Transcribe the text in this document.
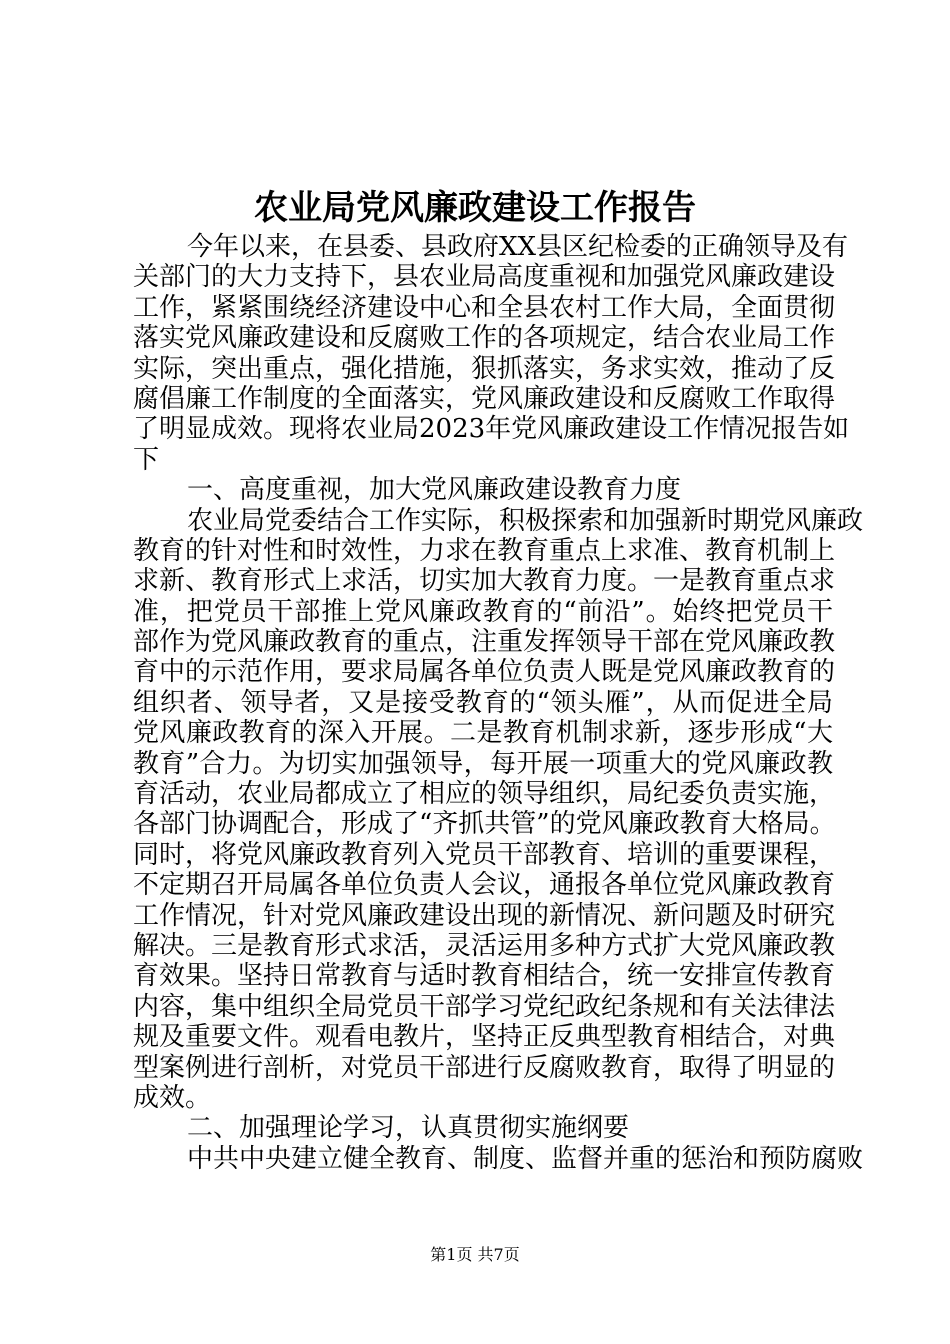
农业局党风廉政建设工作报告
今年以来，在县委、县政府XX县区纪检委的正确领导及有
关部门的大力支持下，县农业局高度重视和加强党风廉政建设
工作，紧紧围绕经济建设中心和全县农村工作大局，全面贯彻
落实党风廉政建设和反腐败工作的各项规定，结合农业局工作
实际，突出重点，强化措施，狠抓落实，务求实效，推动了反
腐倡廉工作制度的全面落实，党风廉政建设和反腐败工作取得
了明显成效。现将农业局2023年党风廉政建设工作情况报告如
下
一、高度重视，加大党风廉政建设教育力度
农业局党委结合工作实际，积极探索和加强新时期党风廉政
教育的针对性和时效性，力求在教育重点上求准、教育机制上
求新、教育形式上求活，切实加大教育力度。一是教育重点求
准，把党员干部推上党风廉政教育的“前沿”。始终把党员干
部作为党风廉政教育的重点，注重发挥领导干部在党风廉政教
育中的示范作用，要求局属各单位负责人既是党风廉政教育的
组织者、领导者，又是接受教育的“领头雁”，从而促进全局
党风廉政教育的深入开展。二是教育机制求新，逐步形成“大
教育”合力。为切实加强领导，每开展一项重大的党风廉政教
育活动，农业局都成立了相应的领导组织，局纪委负责实施，
各部门协调配合，形成了“齐抓共管”的党风廉政教育大格局。
同时，将党风廉政教育列入党员干部教育、培训的重要课程，
不定期召开局属各单位负责人会议，通报各单位党风廉政教育
工作情况，针对党风廉政建设出现的新情况、新问题及时研究
解决。三是教育形式求活，灵活运用多种方式扩大党风廉政教
育效果。坚持日常教育与适时教育相结合，统一安排宣传教育
内容，集中组织全局党员干部学习党纪政纪条规和有关法律法
规及重要文件。观看电教片，坚持正反典型教育相结合，对典
型案例进行剖析，对党员干部进行反腐败教育，取得了明显的
成效。
二、加强理论学习，认真贯彻实施纲要
中共中央建立健全教育、制度、监督并重的惩治和预防腐败
第1页 共7页
